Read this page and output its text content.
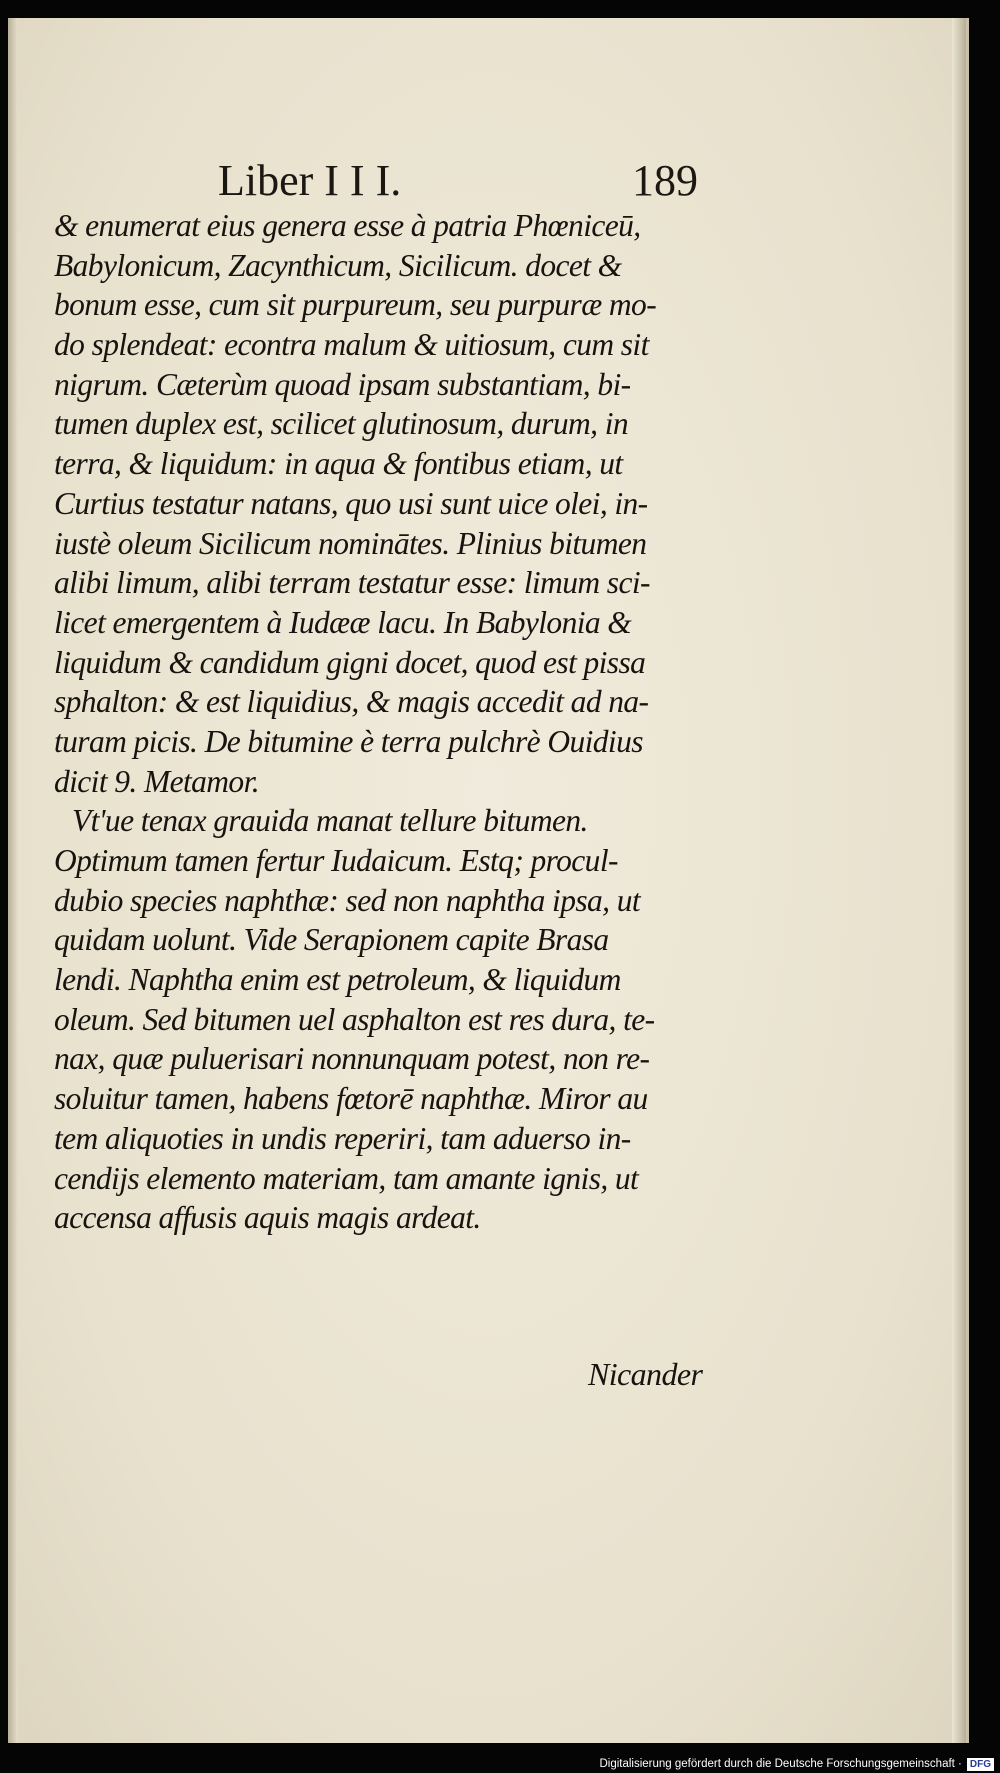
Liber I I I.	189
& enumerat eius genera esse à patria Phœniceū,
Babylonicum, Zacynthicum, Sicilicum. docet &
bonum esse, cum sit purpureum, seu purpuræ mo-
do splendeat: econtra malum & uitiosum, cum sit
nigrum. Cæterùm quoad ipsam substantiam, bi-
tumen duplex est, scilicet glutinosum, durum, in
terra, & liquidum: in aqua & fontibus etiam, ut
Curtius testatur natans, quo usi sunt uice olei, in-
iustè oleum Sicilicum nominātes. Plinius bitumen
alibi limum, alibi terram testatur esse: limum sci-
licet emergentem à Iudææ lacu. In Babylonia &
liquidum & candidum gigni docet, quod est pissa
sphalton: & est liquidius, & magis accedit ad na-
turam picis. De bitumine è terra pulchrè Ouidius
dicit 9. Metamor.
Vt'ue tenax grauida manat tellure bitumen.
Optimum tamen fertur Iudaicum. Estq; procul-
dubio species naphthæ: sed non naphtha ipsa, ut
quidam uolunt. Vide Serapionem capite Brasa
lendi. Naphtha enim est petroleum, & liquidum
oleum. Sed bitumen uel asphalton est res dura, te-
nax, quæ puluerisari nonnunquam potest, non re-
soluitur tamen, habens fœtorē naphthæ. Miror au
tem aliquoties in undis reperiri, tam aduerso in-
cendijs elemento materiam, tam amante ignis, ut
accensa affusis aquis magis ardeat.
Nicander
Digitalisierung gefördert durch die Deutsche Forschungsgemeinschaft · DFG
